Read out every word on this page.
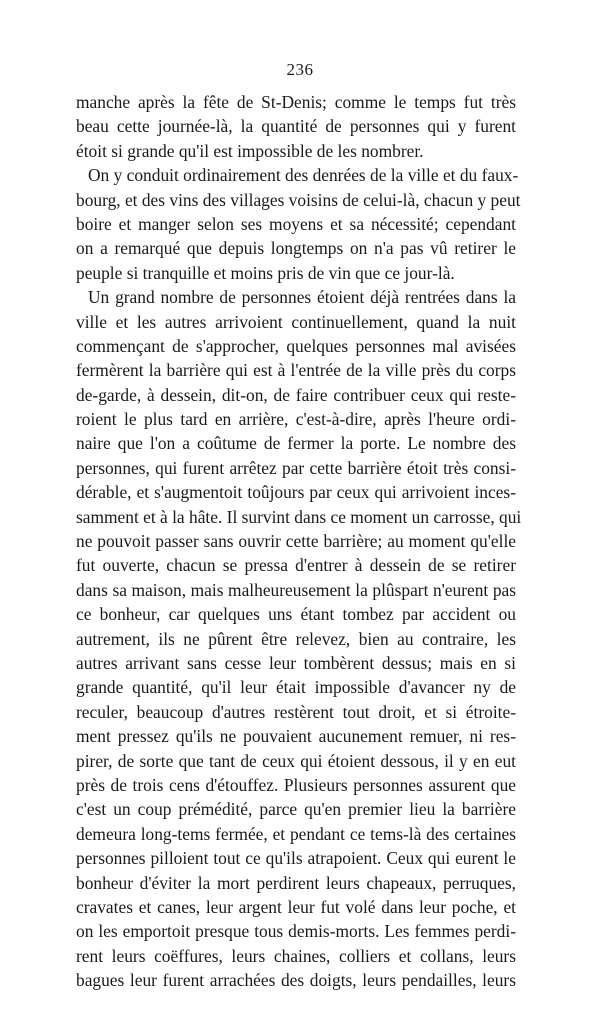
236
manche après la fête de St-Denis; comme le temps fut très
beau cette journée-là, la quantité de personnes qui y furent
étoit si grande qu'il est impossible de les nombrer.
On y conduit ordinairement des denrées de la ville et du faux-
bourg, et des vins des villages voisins de celui-là, chacun y peut
boire et manger selon ses moyens et sa nécessité; cependant
on a remarqué que depuis longtemps on n'a pas vû retirer le
peuple si tranquille et moins pris de vin que ce jour-là.
Un grand nombre de personnes étoient déjà rentrées dans la
ville et les autres arrivoient continuellement, quand la nuit
commençant de s'approcher, quelques personnes mal avisées
fermèrent la barrière qui est à l'entrée de la ville près du corps
de-garde, à dessein, dit-on, de faire contribuer ceux qui reste-
roient le plus tard en arrière, c'est-à-dire, après l'heure ordi-
naire que l'on a coûtume de fermer la porte. Le nombre des
personnes, qui furent arrêtez par cette barrière étoit très consi-
dérable, et s'augmentoit toûjours par ceux qui arrivoient inces-
samment et à la hâte. Il survint dans ce moment un carrosse, qui
ne pouvoit passer sans ouvrir cette barrière; au moment qu'elle
fut ouverte, chacun se pressa d'entrer à dessein de se retirer
dans sa maison, mais malheureusement la plûspart n'eurent pas
ce bonheur, car quelques uns étant tombez par accident ou
autrement, ils ne pûrent être relevez, bien au contraire, les
autres arrivant sans cesse leur tombèrent dessus; mais en si
grande quantité, qu'il leur était impossible d'avancer ny de
reculer, beaucoup d'autres restèrent tout droit, et si étroite-
ment pressez qu'ils ne pouvaient aucunement remuer, ni res-
pirer, de sorte que tant de ceux qui étoient dessous, il y en eut
près de trois cens d'étouffez. Plusieurs personnes assurent que
c'est un coup prémédité, parce qu'en premier lieu la barrière
demeura long-tems fermée, et pendant ce tems-là des certaines
personnes pilloient tout ce qu'ils atrapoient. Ceux qui eurent le
bonheur d'éviter la mort perdirent leurs chapeaux, perruques,
cravates et canes, leur argent leur fut volé dans leur poche, et
on les emportoit presque tous demis-morts. Les femmes perdi-
rent leurs coëffures, leurs chaines, colliers et collans, leurs
bagues leur furent arrachées des doigts, leurs pendailles, leurs
